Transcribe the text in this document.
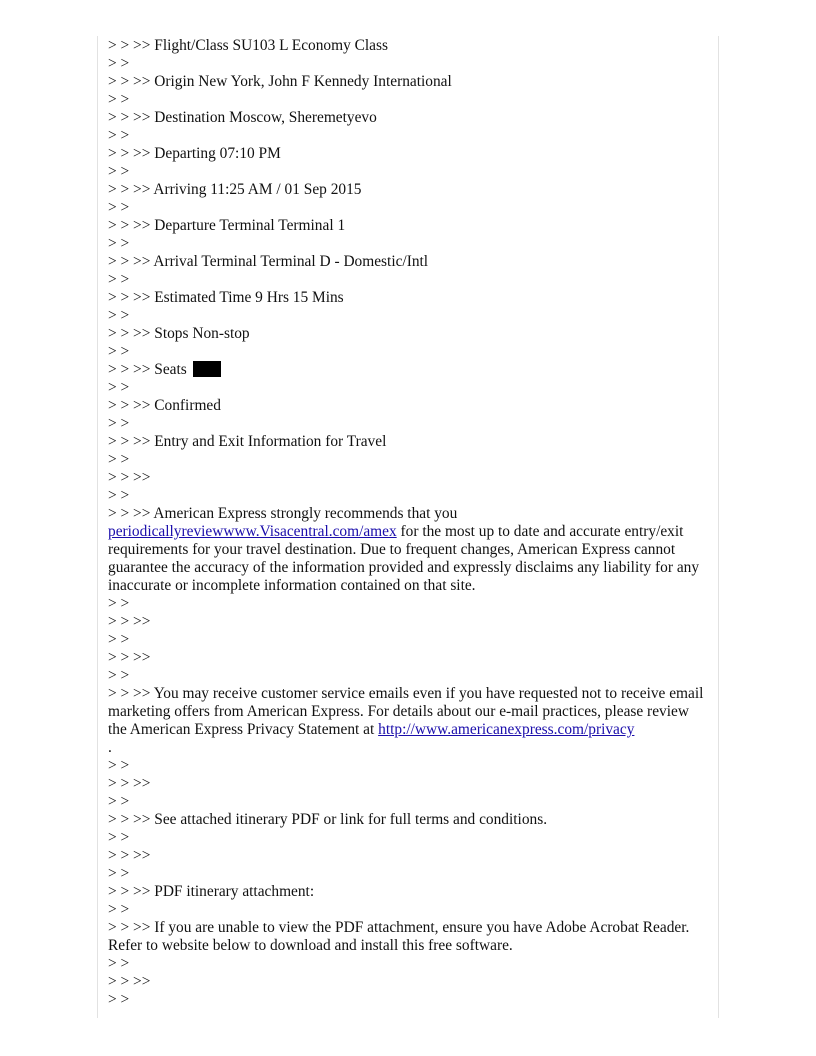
> > >> Flight/Class SU103 L Economy Class
> >
> > >> Origin New York, John F Kennedy International
> >
> > >> Destination Moscow, Sheremetyevo
> >
> > >> Departing 07:10 PM
> >
> > >> Arriving 11:25 AM / 01 Sep 2015
> >
> > >> Departure Terminal Terminal 1
> >
> > >> Arrival Terminal Terminal D - Domestic/Intl
> >
> > >> Estimated Time 9 Hrs 15 Mins
> >
> > >> Stops Non-stop
> >
> > >> Seats
> >
> > >> Confirmed
> >
> > >> Entry and Exit Information for Travel
> >
> > >>
> >
> > >> American Express strongly recommends that you
periodicallyreviewwww.Visacentral.com/amex for the most up to date and accurate entry/exit requirements for your travel destination. Due to frequent changes, American Express cannot guarantee the accuracy of the information provided and expressly disclaims any liability for any inaccurate or incomplete information contained on that site.
> >
> > >>
> >
> > >>
> >
> > >> You may receive customer service emails even if you have requested not to receive email marketing offers from American Express. For details about our e-mail practices, please review the American Express Privacy Statement at http://www.americanexpress.com/privacy
.
> >
> > >>
> >
> > >> See attached itinerary PDF or link for full terms and conditions.
> >
> > >>
> >
> > >> PDF itinerary attachment:
> >
> > >> If you are unable to view the PDF attachment, ensure you have Adobe Acrobat Reader. Refer to website below to download and install this free software.
> >
> > >>
> >
